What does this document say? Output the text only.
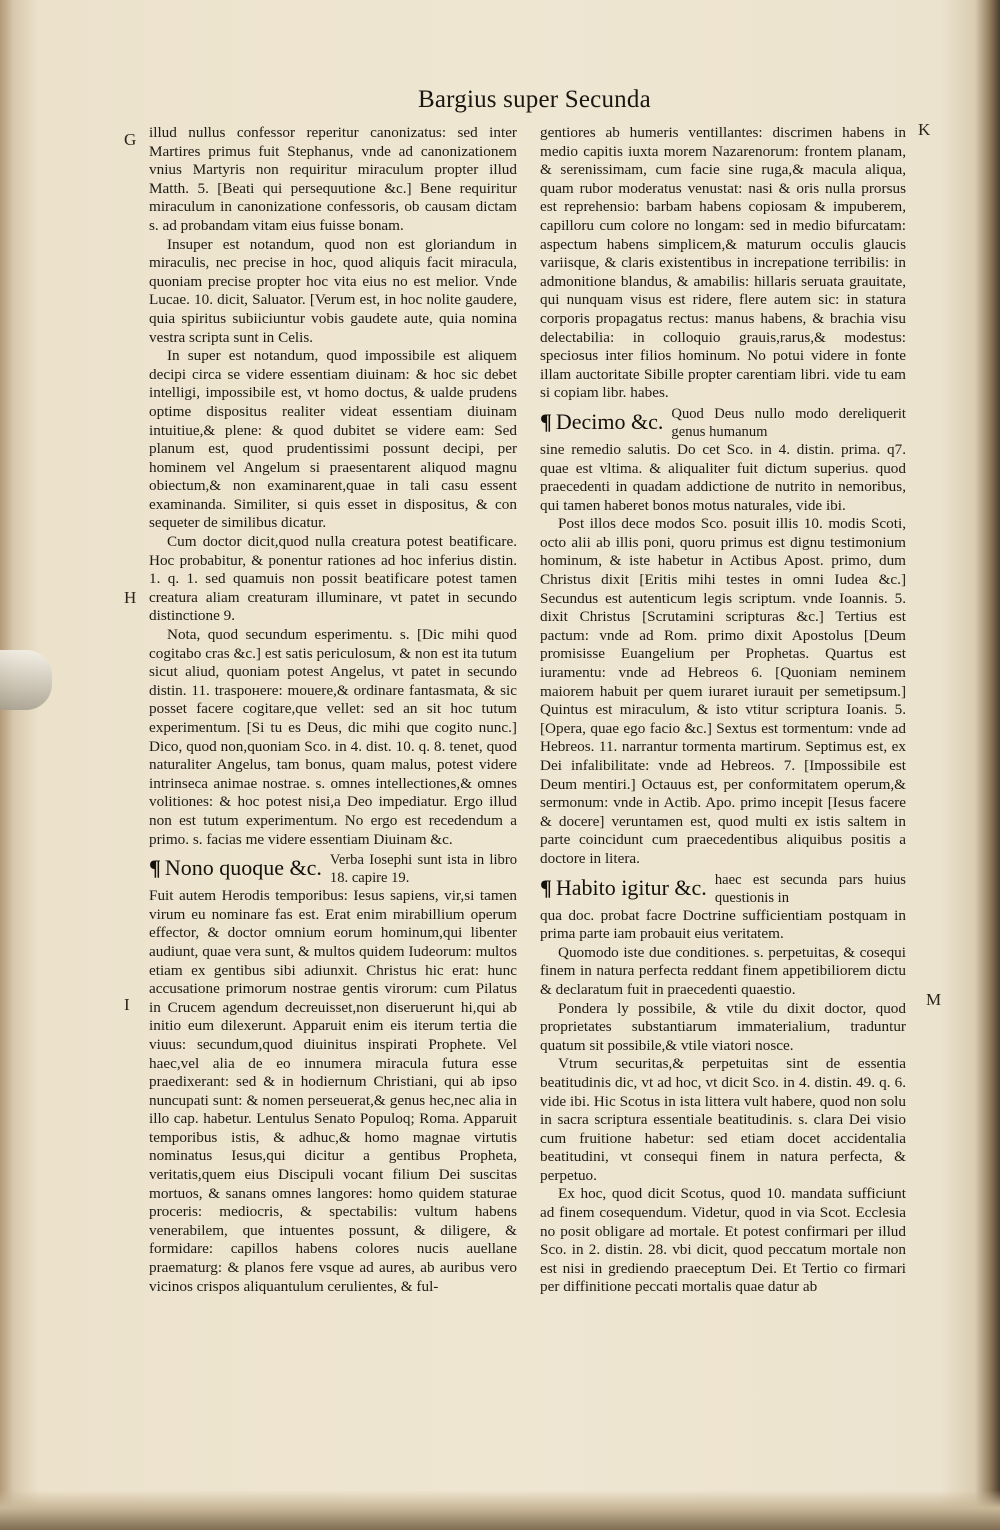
Bargius super Secunda
G
H
I
K
M

illud nullus confessor reperitur canonizatus: sed inter Martires primus fuit Stephanus, vnde ad canonizationem vnius Martyris non requiritur miraculum propter illud Matth. 5. [Beati qui persequutione &c.] Bene requiritur miraculum in canonizatione confessoris, ob causam dictam s. ad probandam vitam eius fuisse bonam.

Insuper est notandum, quod non est gloriandum in miraculis, nec precise in hoc, quod aliquis facit miracula, quoniam precise propter hoc vita eius no est melior. Vnde Lucae. 10. dicit, Saluator. [Verum est, in hoc nolite gaudere, quia spiritus subiiciuntur vobis gaudete aute, quia nomina vestra scripta sunt in Celis.

In super est notandum, quod impossibile est aliquem decipi circa se videre essentiam diuinam: & hoc sic debet intelligi, impossibile est, vt homo doctus, & ualde prudens optime dispositus realiter videat essentiam diuinam intuitiue,& plene: & quod dubitet se videre eam: Sed planum est, quod prudentissimi possunt decipi, per hominem vel Angelum si praesentarent aliquod magnu obiectum,& non examinarent,quae in tali casu essent examinanda. Similiter, si quis esset in dispositus, & con sequeter de similibus dicatur.

Cum doctor dicit,quod nulla creatura potest beatificare. Hoc probabitur, & ponentur rationes ad hoc inferius distin. 1. q. 1. sed quamuis non possit beatificare potest tamen creatura aliam creaturam illuminare, vt patet in secundo distinctione 9.

Nota, quod secundum esperimentu. s. [Dic mihi quod cogitabo cras &c.] est satis periculosum, & non est ita tutum sicut aliud, quoniam potest Angelus, vt patet in secundo distin. 11. traspонere: mouere,& ordinare fantasmata, & sic posset facere cogitare,que vellet: sed an sit hoc tutum experimentum. [Si tu es Deus, dic mihi que cogito nunc.] Dico, quod non,quoniam Sco. in 4. dist. 10. q. 8. tenet, quod naturaliter Angelus, tam bonus, quam malus, potest videre intrinseca animae nostrae. s. omnes intellectiones,& omnes volitiones: & hoc potest nisi,a Deo impediatur. Ergo illud non est tutum experimentum. No ergo est recedendum a primo. s. facias me videre essentiam Diuinam &c.

¶ Nono quoque &c. Verba Iosephi sunt ista in libro 18. capire 19.

Fuit autem Herodis temporibus: Iesus sapiens, vir,si tamen virum eu nominare fas est. Erat enim mirabillium operum effector, & doctor omnium eorum hominum,qui libenter audiunt, quae vera sunt, & multos quidem Iudeorum: multos etiam ex gentibus sibi adiunxit. Christus hic erat: hunc accusatione primorum nostrae gentis virorum: cum Pilatus in Crucem agendum decreuisset,non diseruerunt hi,qui ab initio eum dilexerunt. Apparuit enim eis iterum tertia die viuus: secundum,quod diuinitus inspirati Prophete. Vel haec,vel alia de eo innumera miracula futura esse praedixerant: sed & in hodiernum Christiani, qui ab ipso nuncupati sunt: & nomen perseuerat,& genus hec,nec alia in illo cap. habetur. Lentulus Senato Populoq; Roma. Apparuit temporibus istis, & adhuc,& homo magnae virtutis nominatus Iesus,qui dicitur a gentibus Propheta, veritatis,quem eius Discipuli vocant filium Dei suscitas mortuos, & sanans omnes langores: homo quidem staturae proceris: mediocris, & spectabilis: vultum habens venerabilem, que intuentes possunt, & diligere, & formidare: capillos habens colores nucis auellane praematurg: & planos fere vsque ad aures, ab auribus vero vicinos crispos aliquantulum cerulientes, & ful-

gentiores ab humeris ventillantes: discrimen habens in medio capitis iuxta morem Nazarenorum: frontem planam, & serenissimam, cum facie sine ruga,& macula aliqua, quam rubor moderatus venustat: nasi & oris nulla prorsus est reprehensio: barbam habens copiosam & impuberem, capilloru cum colore no longam: sed in medio bifurcatam: aspectum habens simplicem,& maturum occulis glaucis variisque, & claris existentibus in increpatione terribilis: in admonitione blandus, & amabilis: hillaris seruata grauitate, qui nunquam visus est ridere, flere autem sic: in statura corporis propagatus rectus: manus habens, & brachia visu delectabilia: in colloquio grauis,rarus,& modestus: speciosus inter filios hominum. No potui videre in fonte illam auctoritate Sibille propter carentiam libri. vide tu eam si copiam libr. habes.

¶ Decimo &c. Quod Deus nullo modo dereliquerit genus humanum

sine remedio salutis. Do cet Sco. in 4. distin. prima. q7. quae est vltima. & aliqualiter fuit dictum superius. quod praecedenti in quadam addictione de nutrito in nemoribus, qui tamen haberet bonos motus naturales, vide ibi.

Post illos dece modos Sco. posuit illis 10. modis Scoti, octo alii ab illis poni, quoru primus est dignu testimonium hominum, & iste habetur in Actibus Apost. primo, dum Christus dixit [Eritis mihi testes in omni Iudea &c.] Secundus est autenticum legis scriptum. vnde Ioannis. 5. dixit Christus [Scrutamini scripturas &c.] Tertius est pactum: vnde ad Rom. primo dixit Apostolus [Deum promisisse Euangelium per Prophetas. Quartus est iuramentu: vnde ad Hebreos 6. [Quoniam neminem maiorem habuit per quem iuraret iurauit per semetipsum.] Quintus est miraculum, & isto vtitur scriptura Ioanis. 5. [Opera, quae ego facio &c.] Sextus est tormentum: vnde ad Hebreos. 11. narrantur tormenta martirum. Septimus est, ex Dei infalibilitate: vnde ad Hebreos. 7. [Impossibile est Deum mentiri.] Octauus est, per conformitatem operum,& sermonum: vnde in Actib. Apo. primo incepit [Iesus facere & docere] veruntamen est, quod multi ex istis saltem in parte coincidunt cum praecedentibus aliquibus positis a doctore in litera.

¶ Habito igitur &c. haec est secunda pars huius questionis in

qua doc. probat facre Doctrine sufficientiam postquam in prima parte iam probauit eius veritatem.

Quomodo iste due conditiones. s. perpetuitas, & cosequi finem in natura perfecta reddant finem appetibiliorem dictu & declaratum fuit in praecedenti quaestio.

Pondera ly possibile, & vtile du dixit doctor, quod proprietates substantiarum immaterialium, traduntur quatum sit possibile,& vtile viatori nosce.

Vtrum securitas,& perpetuitas sint de essentia beatitudinis dic, vt ad hoc, vt dicit Sco. in 4. distin. 49. q. 6. vide ibi. Hic Scotus in ista littera vult habere, quod non solu in sacra scriptura essentiale beatitudinis. s. clara Dei visio cum fruitione habetur: sed etiam docet accidentalia beatitudini, vt consequi finem in natura perfecta, & perpetuo.

Ex hoc, quod dicit Scotus, quod 10. mandata sufficiunt ad finem cosequendum. Videtur, quod in via Scot. Ecclesia no posit obligare ad mortale. Et potest confirmari per illud Sco. in 2. distin. 28. vbi dicit, quod peccatum mortale non est nisi in grediendo praeceptum Dei. Et Tertio co firmari per diffinitione peccati mortalis quae datur ab
